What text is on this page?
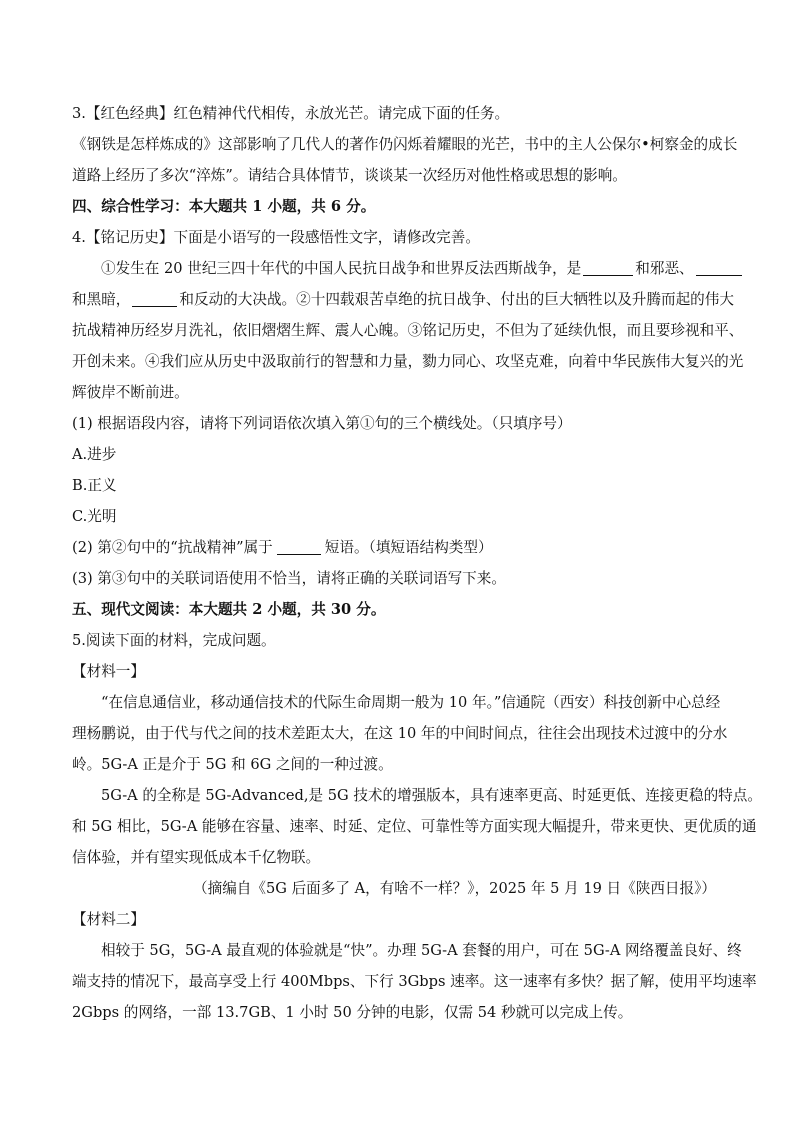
3.【红色经典】红色精神代代相传，永放光芒。请完成下面的任务。
《钢铁是怎样炼成的》这部影响了几代人的著作仍闪烁着耀眼的光芒，书中的主人公保尔•柯察金的成长
道路上经历了多次“淬炼”。请结合具体情节，谈谈某一次经历对他性格或思想的影响。
四、综合性学习：本大题共 1 小题，共 6 分。
4.【铭记历史】下面是小语写的一段感悟性文字，请修改完善。
①发生在 20 世纪三四十年代的中国人民抗日战争和世界反法西斯战争，是	和邪恶、
和黑暗，	和反动的大决战。②十四载艰苦卓绝的抗日战争、付出的巨大牺牲以及升腾而起的伟大
抗战精神历经岁月洗礼，依旧熠熠生辉、震人心魄。③铭记历史，不但为了延续仇恨，而且要珍视和平、
开创未来。④我们应从历史中汲取前行的智慧和力量，勠力同心、攻坚克难，向着中华民族伟大复兴的光
辉彼岸不断前进。
(1) 根据语段内容，请将下列词语依次填入第①句的三个横线处。（只填序号）
A.进步
B.正义
C.光明
(2) 第②句中的“抗战精神”属于	短语。（填短语结构类型）
(3) 第③句中的关联词语使用不恰当，请将正确的关联词语写下来。
五、现代文阅读：本大题共 2 小题，共 30 分。
5.阅读下面的材料，完成问题。
【材料一】
“在信息通信业，移动通信技术的代际生命周期一般为 10 年。”信通院（西安）科技创新中心总经
理杨鹏说，由于代与代之间的技术差距太大，在这 10 年的中间时间点，往往会出现技术过渡中的分水
岭。5G-A 正是介于 5G 和 6G 之间的一种过渡。
5G-A 的全称是 5G-Advanced,是 5G 技术的增强版本，具有速率更高、时延更低、连接更稳的特点。
和 5G 相比，5G-A 能够在容量、速率、时延、定位、可靠性等方面实现大幅提升，带来更快、更优质的通
信体验，并有望实现低成本千亿物联。
（摘编自《5G 后面多了 A，有啥不一样？》，2025 年 5 月 19 日《陕西日报》）
【材料二】
相较于 5G，5G-A 最直观的体验就是“快”。办理 5G-A 套餐的用户，可在 5G-A 网络覆盖良好、终
端支持的情况下，最高享受上行 400Mbps、下行 3Gbps 速率。这一速率有多快？据了解，使用平均速率
2Gbps 的网络，一部 13.7GB、1 小时 50 分钟的电影，仅需 54 秒就可以完成上传。
